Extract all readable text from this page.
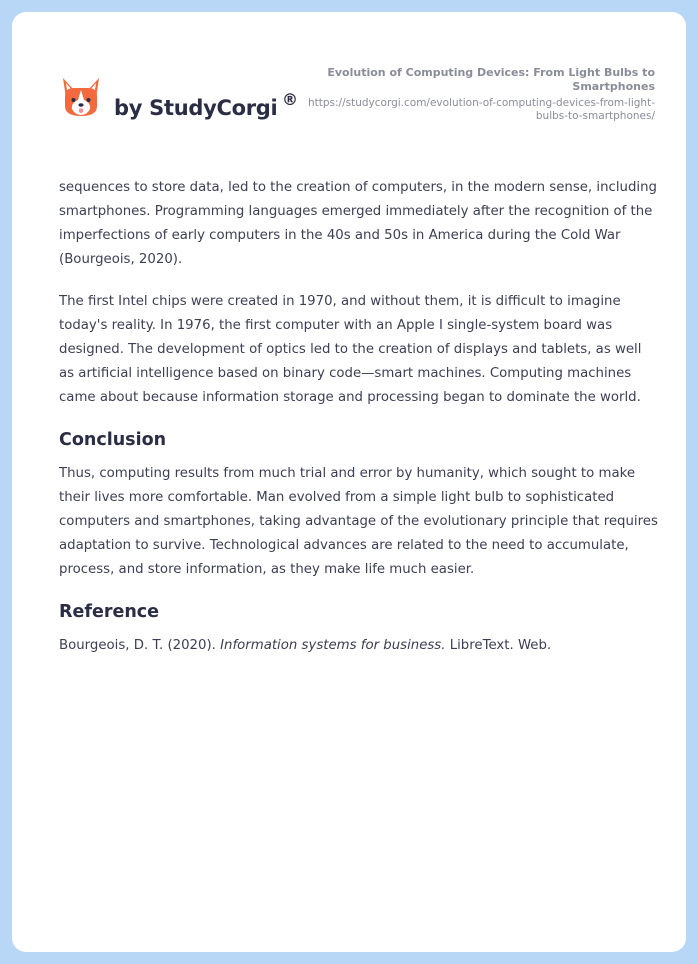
by StudyCorgi ®
Evolution of Computing Devices: From Light Bulbs to Smartphones
https://studycorgi.com/evolution-of-computing-devices-from-light-bulbs-to-smartphones/

sequences to store data, led to the creation of computers, in the modern sense, including smartphones. Programming languages emerged immediately after the recognition of the imperfections of early computers in the 40s and 50s in America during the Cold War (Bourgeois, 2020).

The first Intel chips were created in 1970, and without them, it is difficult to imagine today's reality. In 1976, the first computer with an Apple I single-system board was designed. The development of optics led to the creation of displays and tablets, as well as artificial intelligence based on binary code—smart machines. Computing machines came about because information storage and processing began to dominate the world.

Conclusion

Thus, computing results from much trial and error by humanity, which sought to make their lives more comfortable. Man evolved from a simple light bulb to sophisticated computers and smartphones, taking advantage of the evolutionary principle that requires adaptation to survive. Technological advances are related to the need to accumulate, process, and store information, as they make life much easier.

Reference

Bourgeois, D. T. (2020). Information systems for business. LibreText. Web.
